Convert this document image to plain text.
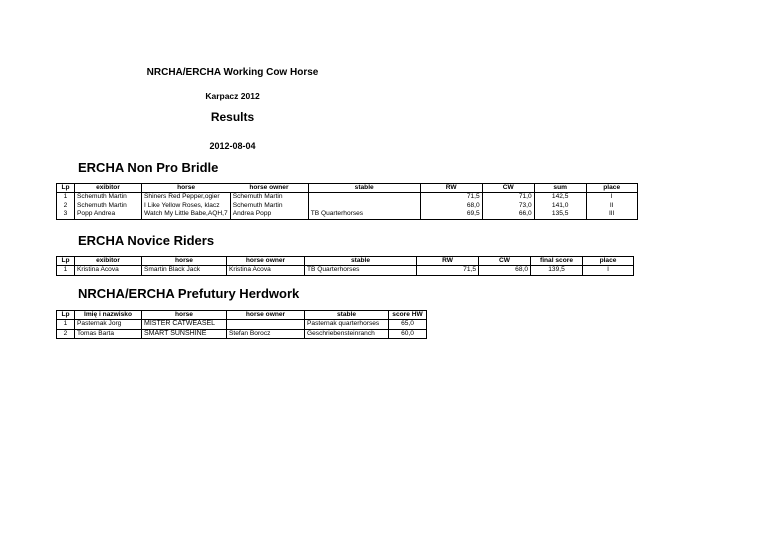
NRCHA/ERCHA Working Cow Horse
Karpacz 2012
Results
2012-08-04
ERCHA Non Pro Bridle
Lp	exibitor	horse	horse owner	stable	RW	CW	sum	place
1	Schemuth Martin	Shiners Red Pepper,ogier	Schemuth Martin		71,5	71,0	142,5	I
2	Schemuth Martin	I Like Yellow Roses, klacz	Schemuth Martin		68,0	73,0	141,0	II
3	Popp Andrea	Watch My Little Babe,AQH,7	Andrea Popp	TB Quarterhorses	69,5	66,0	135,5	III
ERCHA Novice Riders
Lp	exibitor	horse	horse owner	stable	RW	CW	final score	place
1	Kristina Acova	Smartin Black Jack	Kristina Acova	TB Quarterhorses	71,5	68,0	139,5	I
NRCHA/ERCHA Prefutury Herdwork
Lp	Imię i nazwisko	horse	horse owner	stable	score HW
1	Pasternak Jorg	MISTER CATWEASEL		Pasternak quarterhorses	65,0
2	Tomas Barta	SMART SUNSHINE	Stefan Borocz	Geschriebensteinranch	60,0
